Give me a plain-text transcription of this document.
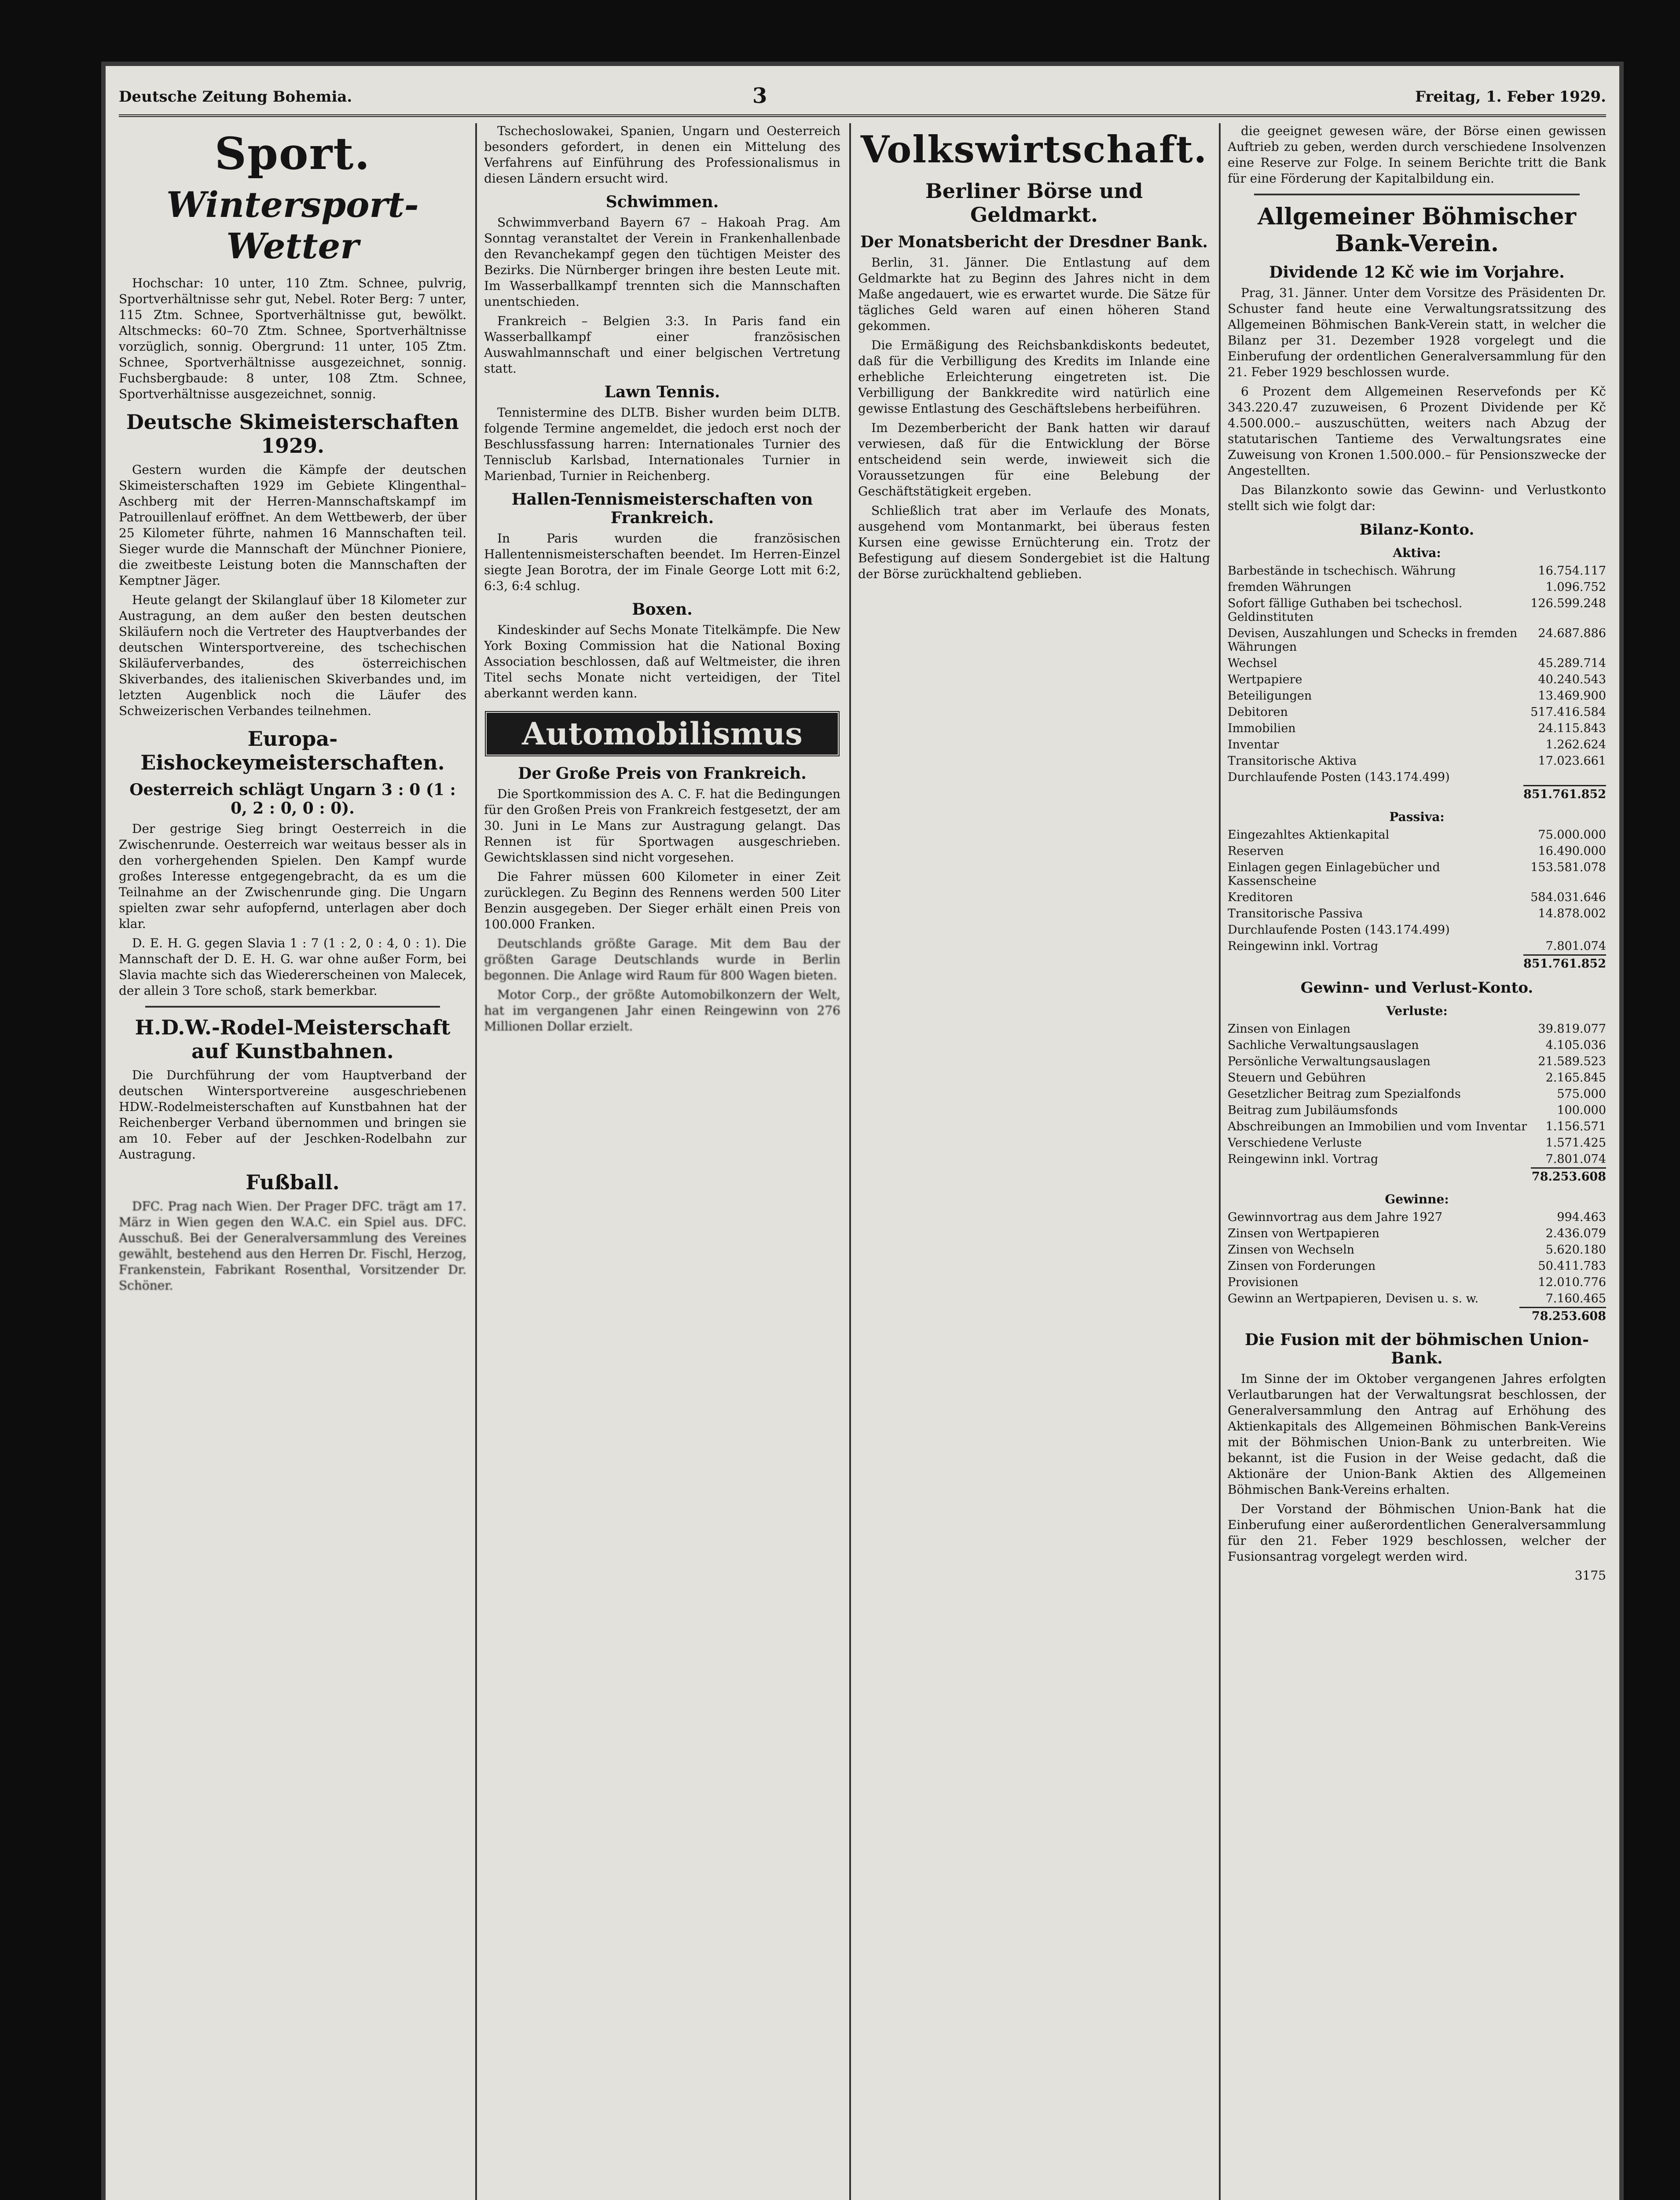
Deutsche Zeitung Bohemia.	3	Freitag, 1. Feber 1929.
Sport.
Wintersport-Wetter

Hochschar: 10 unter, 110 Ztm. Schnee, pulvrig, Sportverhältnisse sehr gut, Nebel. Roter Berg: 7 unter, 115 Ztm. Schnee, Sportverhältnisse gut, bewölkt. Altschmecks: 60–70 Ztm. Schnee, Sportverhältnisse vorzüglich, sonnig. Obergrund: 11 unter, 105 Ztm. Schnee, Sportverhältnisse ausgezeichnet, sonnig. Fuchsbergbaude: 8 unter, 108 Ztm. Schnee, Sportverhältnisse ausgezeichnet, sonnig.

Deutsche Skimeisterschaften 1929.

Gestern wurden die Kämpfe der deutschen Skimeisterschaften 1929 im Gebiete Klingenthal–Aschberg mit der Herren-Mannschaftskampf im Patrouillenlauf eröffnet. An dem Wettbewerb, der über 25 Kilometer führte, nahmen 16 Mannschaften teil. Sieger wurde die Mannschaft der Münchner Pioniere, die zweitbeste Leistung boten die Mannschaften der Kemptner Jäger.

Heute gelangt der Skilanglauf über 18 Kilometer zur Austragung, an dem außer den besten deutschen Skiläufern noch die Vertreter des Hauptverbandes der deutschen Wintersportvereine, des tschechischen Skiläuferverbandes, des österreichischen Skiverbandes, des italienischen Skiverbandes und, im letzten Augenblick noch die Läufer des Schweizerischen Verbandes teilnehmen.

Europa-Eishockeymeisterschaften.
Oesterreich schlägt Ungarn 3 : 0 (1 : 0, 2 : 0, 0 : 0).

Der gestrige Sieg bringt Oesterreich in die Zwischenrunde. Oesterreich war weitaus besser als in den vorhergehenden Spielen. Den Kampf wurde großes Interesse entgegengebracht, da es um die Teilnahme an der Zwischenrunde ging. Die Ungarn spielten zwar sehr aufopfernd, unterlagen aber doch klar.

D. E. H. G. gegen Slavia 1 : 7 (1 : 2, 0 : 4, 0 : 1). Die Mannschaft der D. E. H. G. war ohne außer Form, bei Slavia machte sich das Wiedererscheinen von Malecek, der allein 3 Tore schoß, stark bemerkbar.

H.D.W.-Rodel-Meisterschaft auf Kunstbahnen.

Die Durchführung der vom Hauptverband der deutschen Wintersportvereine ausgeschriebenen HDW.-Rodelmeisterschaften auf Kunstbahnen hat der Reichenberger Verband übernommen und bringen sie am 10. Feber auf der Jeschken-Rodelbahn zur Austragung.

Fußball.

DFC. Prag nach Wien. Der Prager DFC. trägt am 17. März in Wien gegen den W.A.C. ein Spiel aus. DFC. Ausschuß. Bei der Generalversammlung des Vereines gewählt, bestehend aus den Herren Dr. Fischl, Herzog, Frankenstein, Fabrikant Rosenthal, Vorsitzender Dr. Schöner.

Tschechoslowakei, Spanien, Ungarn und Oesterreich besonders gefordert, in denen ein Mittelung des Verfahrens auf Einführung des Professionalismus in diesen Ländern ersucht wird.

Schwimmen.

Schwimmverband Bayern 67 – Hakoah Prag. Am Sonntag veranstaltet der Verein in Frankenhallenbade den Revanchekampf gegen den tüchtigen Meister des Bezirks. Die Nürnberger bringen ihre besten Leute mit. Im Wasserballkampf trennten sich die Mannschaften unentschieden.

Frankreich – Belgien 3:3. In Paris fand ein Wasserballkampf einer französischen Auswahlmannschaft und einer belgischen Vertretung statt.

Lawn Tennis.

Tennistermine des DLTB. Bisher wurden beim DLTB. folgende Termine angemeldet, die jedoch erst noch der Beschlussfassung harren: Internationales Turnier des Tennisclub Karlsbad, Internationales Turnier in Marienbad, Turnier in Reichenberg.

Hallen-Tennismeisterschaften von Frankreich.

In Paris wurden die französischen Hallentennismeisterschaften beendet. Im Herren-Einzel siegte Jean Borotra, der im Finale George Lott mit 6:2, 6:3, 6:4 schlug.

Boxen.

Kindeskinder auf Sechs Monate Titelkämpfe. Die New York Boxing Commission hat die National Boxing Association beschlossen, daß auf Weltmeister, die ihren Titel sechs Monate nicht verteidigen, der Titel aberkannt werden kann.

Automobilismus
Der Große Preis von Frankreich.

Die Sportkommission des A. C. F. hat die Bedingungen für den Großen Preis von Frankreich festgesetzt, der am 30. Juni in Le Mans zur Austragung gelangt. Das Rennen ist für Sportwagen ausgeschrieben. Gewichtsklassen sind nicht vorgesehen.

Die Fahrer müssen 600 Kilometer in einer Zeit zurücklegen. Zu Beginn des Rennens werden 500 Liter Benzin ausgegeben. Der Sieger erhält einen Preis von 100.000 Franken.

Deutschlands größte Garage. Mit dem Bau der größten Garage Deutschlands wurde in Berlin begonnen. Die Anlage wird Raum für 800 Wagen bieten.

Motor Corp., der größte Automobilkonzern der Welt, hat im vergangenen Jahr einen Reingewinn von 276 Millionen Dollar erzielt.

Volkswirtschaft.
Berliner Börse und Geldmarkt.
Der Monatsbericht der Dresdner Bank.

Berlin, 31. Jänner. Die Entlastung auf dem Geldmarkte hat zu Beginn des Jahres nicht in dem Maße angedauert, wie es erwartet wurde. Die Sätze für tägliches Geld waren auf einen höheren Stand gekommen.

Die Ermäßigung des Reichsbankdiskonts bedeutet, daß für die Verbilligung des Kredits im Inlande eine erhebliche Erleichterung eingetreten ist. Die Verbilligung der Bankkredite wird natürlich eine gewisse Entlastung des Geschäftslebens herbeiführen.

Im Dezemberbericht der Bank hatten wir darauf verwiesen, daß für die Entwicklung der Börse entscheidend sein werde, inwieweit sich die Voraussetzungen für eine Belebung der Geschäftstätigkeit ergeben.

Schließlich trat aber im Verlaufe des Monats, ausgehend vom Montanmarkt, bei überaus festen Kursen eine gewisse Ernüchterung ein. Trotz der Befestigung auf diesem Sondergebiet ist die Haltung der Börse zurückhaltend geblieben.

die geeignet gewesen wäre, der Börse einen gewissen Auftrieb zu geben, werden durch verschiedene Insolvenzen eine Reserve zur Folge. In seinem Berichte tritt die Bank für eine Förderung der Kapitalbildung ein.

Allgemeiner Böhmischer Bank-Verein.
Dividende 12 Kč wie im Vorjahre.

Prag, 31. Jänner. Unter dem Vorsitze des Präsidenten Dr. Schuster fand heute eine Verwaltungsratssitzung des Allgemeinen Böhmischen Bank-Verein statt, in welcher die Bilanz per 31. Dezember 1928 vorgelegt und die Einberufung der ordentlichen Generalversammlung für den 21. Feber 1929 beschlossen wurde.

6 Prozent dem Allgemeinen Reservefonds per Kč 343.220.47 zuzuweisen, 6 Prozent Dividende per Kč 4.500.000.– auszuschütten, weiters nach Abzug der statutarischen Tantieme des Verwaltungsrates eine Zuweisung von Kronen 1.500.000.– für Pensionszwecke der Angestellten.

Das Bilanzkonto sowie das Gewinn- und Verlustkonto stellt sich wie folgt dar:

Bilanz-Konto.
Aktiva:
Barbestände in tschechisch. Währung	16.754.117
fremden Währungen	1.096.752
Sofort fällige Guthaben bei tschechosl. Geldinstituten	126.599.248
Devisen, Auszahlungen und Schecks in fremden Währungen	24.687.886
Wechsel	45.289.714
Wertpapiere	40.240.543
Beteiligungen	13.469.900
Debitoren	517.416.584
Immobilien	24.115.843
Inventar	1.262.624
Transitorische Aktiva	17.023.661
Durchlaufende Posten (143.174.499)	
	851.761.852
Passiva:
Eingezahltes Aktienkapital	75.000.000
Reserven	16.490.000
Einlagen gegen Einlagebücher und Kassenscheine	153.581.078
Kreditoren	584.031.646
Transitorische Passiva	14.878.002
Durchlaufende Posten (143.174.499)	
Reingewinn inkl. Vortrag	7.801.074
	851.761.852
Gewinn- und Verlust-Konto.
Verluste:
Zinsen von Einlagen	39.819.077
Sachliche Verwaltungsauslagen	4.105.036
Persönliche Verwaltungsauslagen	21.589.523
Steuern und Gebühren	2.165.845
Gesetzlicher Beitrag zum Spezialfonds	575.000
Beitrag zum Jubiläumsfonds	100.000
Abschreibungen an Immobilien und vom Inventar	1.156.571
Verschiedene Verluste	1.571.425
Reingewinn inkl. Vortrag	7.801.074
	78.253.608
Gewinne:
Gewinnvortrag aus dem Jahre 1927	994.463
Zinsen von Wertpapieren	2.436.079
Zinsen von Wechseln	5.620.180
Zinsen von Forderungen	50.411.783
Provisionen	12.010.776
Gewinn an Wertpapieren, Devisen u. s. w.	7.160.465
	78.253.608
Die Fusion mit der böhmischen Union-Bank.

Im Sinne der im Oktober vergangenen Jahres erfolgten Verlautbarungen hat der Verwaltungsrat beschlossen, der Generalversammlung den Antrag auf Erhöhung des Aktienkapitals des Allgemeinen Böhmischen Bank-Vereins mit der Böhmischen Union-Bank zu unterbreiten. Wie bekannt, ist die Fusion in der Weise gedacht, daß die Aktionäre der Union-Bank Aktien des Allgemeinen Böhmischen Bank-Vereins erhalten.

Der Vorstand der Böhmischen Union-Bank hat die Einberufung einer außerordentlichen Generalversammlung für den 21. Feber 1929 beschlossen, welcher der Fusionsantrag vorgelegt werden wird.

3175
